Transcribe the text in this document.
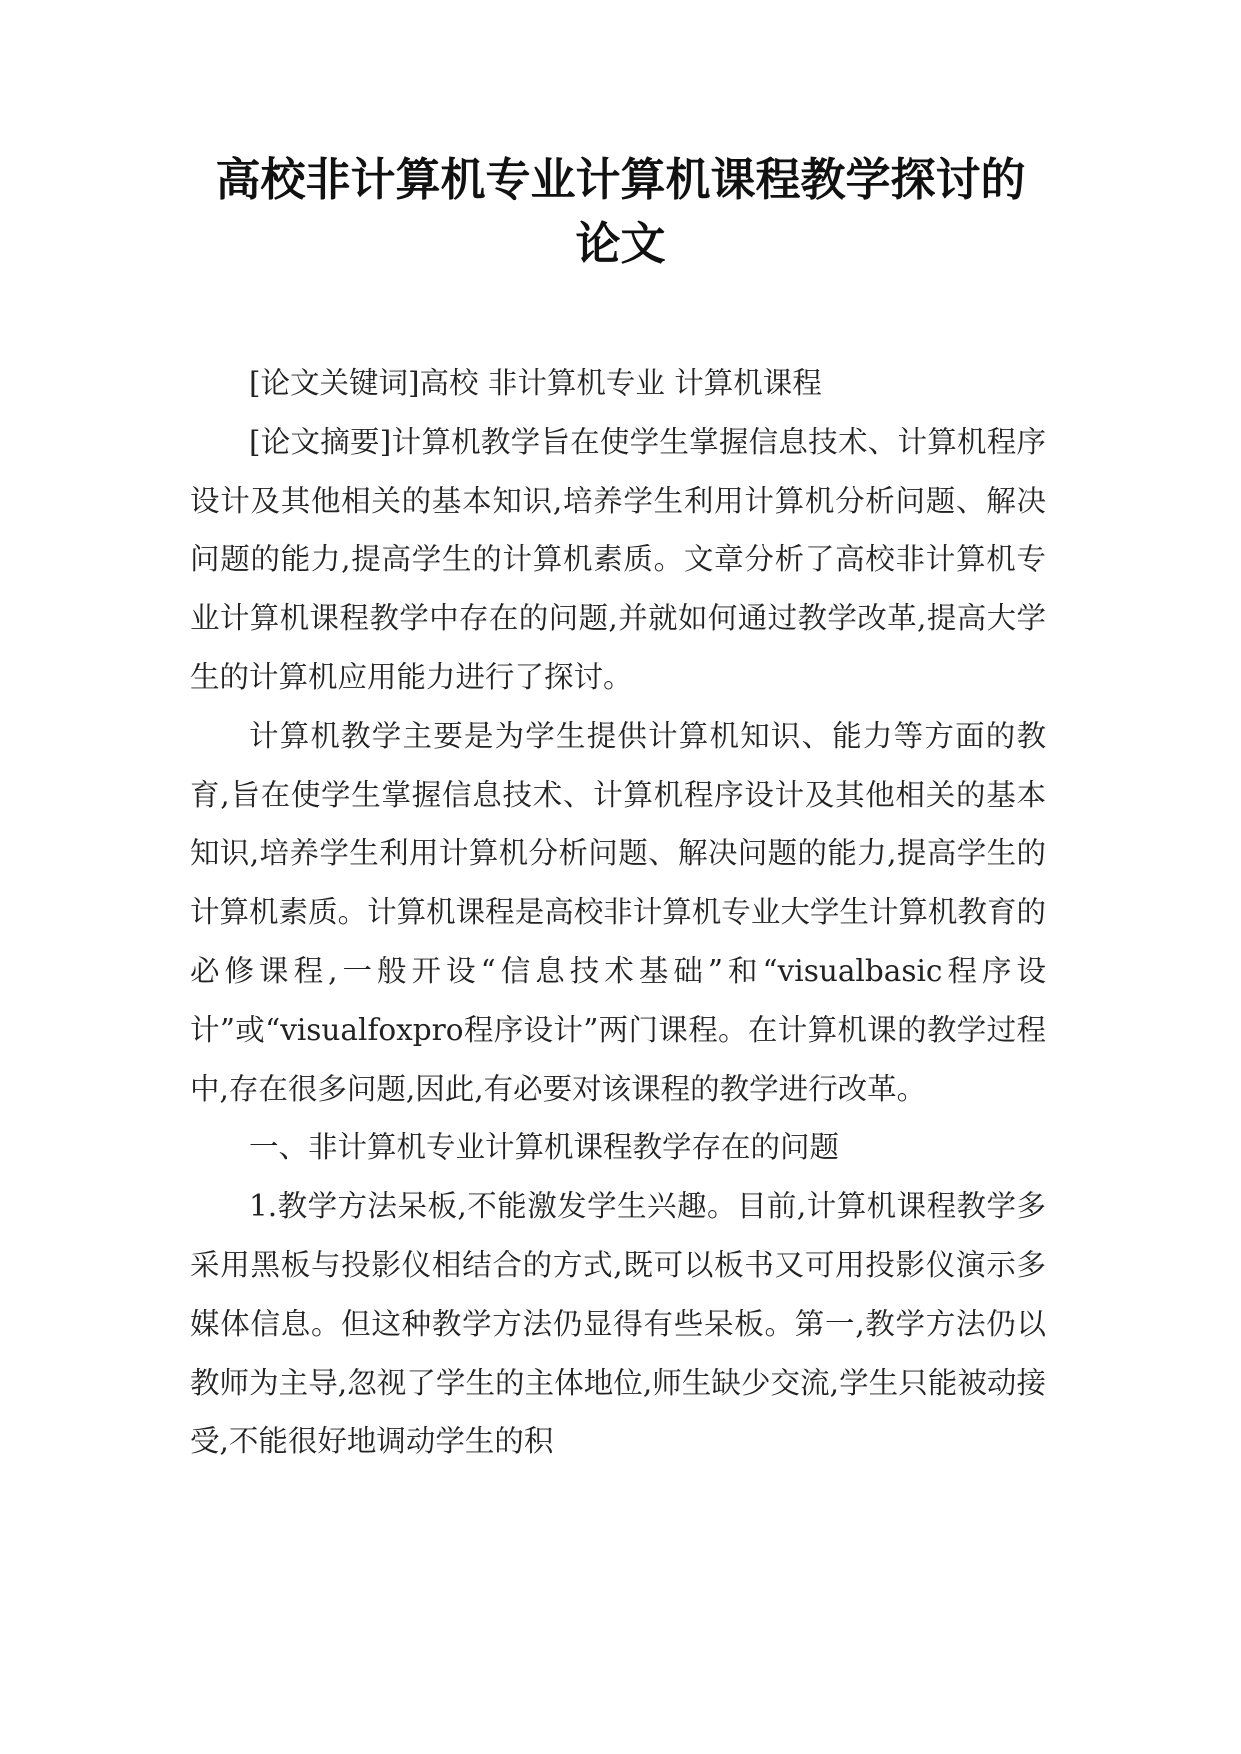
高校非计算机专业计算机课程教学探讨的
论文

[论文关键词]高校 非计算机专业 计算机课程

[论文摘要]计算机教学旨在使学生掌握信息技术、计算机程序设计及其他相关的基本知识,培养学生利用计算机分析问题、解决问题的能力,提高学生的计算机素质。文章分析了高校非计算机专业计算机课程教学中存在的问题,并就如何通过教学改革,提高大学生的计算机应用能力进行了探讨。

计算机教学主要是为学生提供计算机知识、能力等方面的教育,旨在使学生掌握信息技术、计算机程序设计及其他相关的基本知识,培养学生利用计算机分析问题、解决问题的能力,提高学生的计算机素质。计算机课程是高校非计算机专业大学生计算机教育的必修课程,一般开设“信息技术基础”和“visualbasic程序设计”或“visualfoxpro程序设计”两门课程。在计算机课的教学过程中,存在很多问题,因此,有必要对该课程的教学进行改革。

一、非计算机专业计算机课程教学存在的问题

1.教学方法呆板,不能激发学生兴趣。目前,计算机课程教学多采用黑板与投影仪相结合的方式,既可以板书又可用投影仪演示多媒体信息。但这种教学方法仍显得有些呆板。第一,教学方法仍以教师为主导,忽视了学生的主体地位,师生缺少交流,学生只能被动接受,不能很好地调动学生的积
